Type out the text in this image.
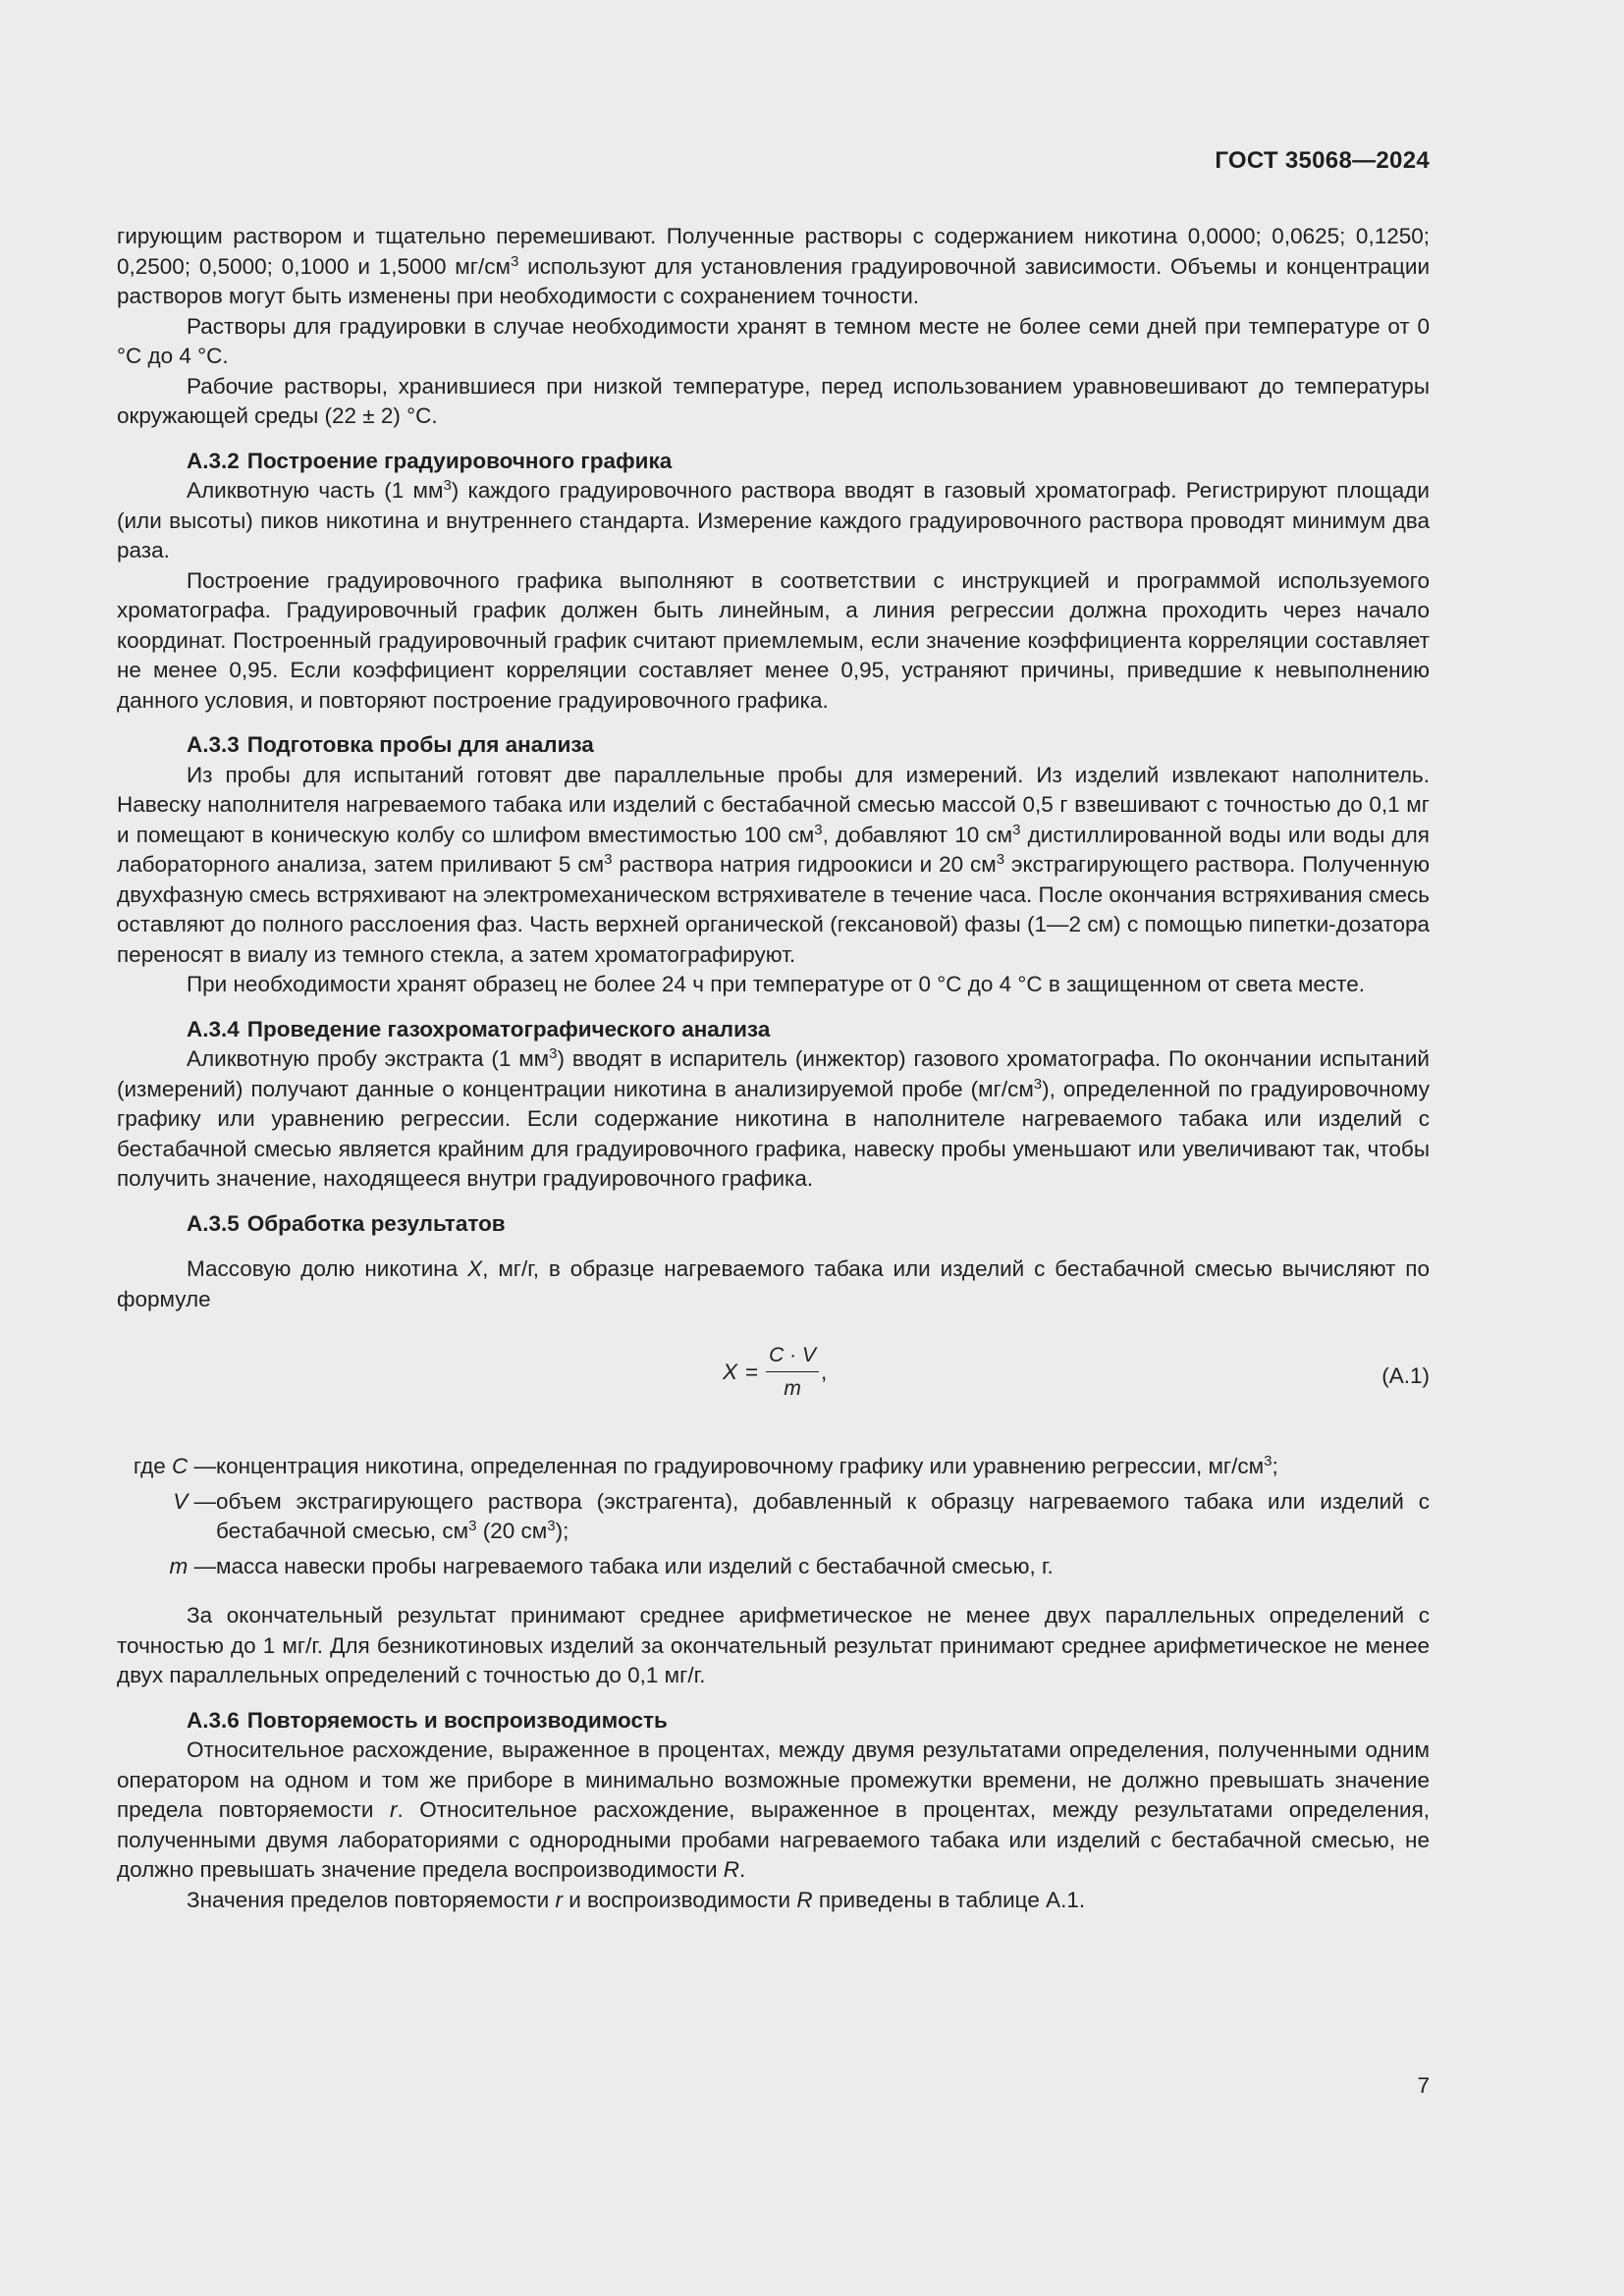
ГОСТ 35068—2024

гирующим раствором и тщательно перемешивают. Полученные растворы с содержанием никотина 0,0000; 0,0625; 0,1250; 0,2500; 0,5000; 0,1000 и 1,5000 $мг/см^3$ используют для установления градуировочной зависимости. Объемы и концентрации растворов могут быть изменены при необходимости с сохранением точности.

Растворы для градуировки в случае необходимости хранят в темном месте не более семи дней при температуре от 0 °С до 4 °С.

Рабочие растворы, хранившиеся при низкой температуре, перед использованием уравновешивают до температуры окружающей среды (22 ± 2) °С.

А.3.2 Построение градуировочного графика

Аликвотную часть (1 $мм^3$) каждого градуировочного раствора вводят в газовый хроматограф. Регистрируют площади (или высоты) пиков никотина и внутреннего стандарта. Измерение каждого градуировочного раствора проводят минимум два раза.

Построение градуировочного графика выполняют в соответствии с инструкцией и программой используемого хроматографа. Градуировочный график должен быть линейным, а линия регрессии должна проходить через начало координат. Построенный градуировочный график считают приемлемым, если значение коэффициента корреляции составляет не менее 0,95. Если коэффициент корреляции составляет менее 0,95, устраняют причины, приведшие к невыполнению данного условия, и повторяют построение градуировочного графика.

А.3.3 Подготовка пробы для анализа

Из пробы для испытаний готовят две параллельные пробы для измерений. Из изделий извлекают наполнитель. Навеску наполнителя нагреваемого табака или изделий с бестабачной смесью массой 0,5 г взвешивают с точностью до 0,1 мг и помещают в коническую колбу со шлифом вместимостью 100 $см^3$, добавляют 10 $см^3$ дистиллированной воды или воды для лабораторного анализа, затем приливают 5 $см^3$ раствора натрия гидроокиси и 20 $см^3$ экстрагирующего раствора. Полученную двухфазную смесь встряхивают на электромеханическом встряхивателе в течение часа. После окончания встряхивания смесь оставляют до полного расслоения фаз. Часть верхней органической (гексановой) фазы (1—2 см) с помощью пипетки-дозатора переносят в виалу из темного стекла, а затем хроматографируют.

При необходимости хранят образец не более 24 ч при температуре от 0 °С до 4 °С в защищенном от света месте.

А.3.4 Проведение газохроматографического анализа

Аликвотную пробу экстракта (1 $мм^3$) вводят в испаритель (инжектор) газового хроматографа. По окончании испытаний (измерений) получают данные о концентрации никотина в анализируемой пробе $(мг/см^3)$, определенной по градуировочному графику или уравнению регрессии. Если содержание никотина в наполнителе нагреваемого табака или изделий с бестабачной смесью является крайним для градуировочного графика, навеску пробы уменьшают или увеличивают так, чтобы получить значение, находящееся внутри градуировочного графика.

А.3.5 Обработка результатов

Массовую долю никотина X, мг/г, в образце нагреваемого табака или изделий с бестабачной смесью вычисляют по формуле

$X = \frac{C \cdot V}{m}$ ,	(А.1)
где C — концентрация никотина, определенная по градуировочному графику или уравнению регрессии, $мг/см^3$;
V — объем экстрагирующего раствора (экстрагента), добавленный к образцу нагреваемого табака или изделий с бестабачной смесью, $см^3$ (20 $см^3$);
m — масса навески пробы нагреваемого табака или изделий с бестабачной смесью, г.

За окончательный результат принимают среднее арифметическое не менее двух параллельных определений с точностью до 1 мг/г. Для безникотиновых изделий за окончательный результат принимают среднее арифметическое не менее двух параллельных определений с точностью до 0,1 мг/г.

А.3.6 Повторяемость и воспроизводимость

Относительное расхождение, выраженное в процентах, между двумя результатами определения, полученными одним оператором на одном и том же приборе в минимально возможные промежутки времени, не должно превышать значение предела повторяемости r. Относительное расхождение, выраженное в процентах, между результатами определения, полученными двумя лабораториями с однородными пробами нагреваемого табака или изделий с бестабачной смесью, не должно превышать значение предела воспроизводимости R.

Значения пределов повторяемости r и воспроизводимости R приведены в таблице А.1.

7
